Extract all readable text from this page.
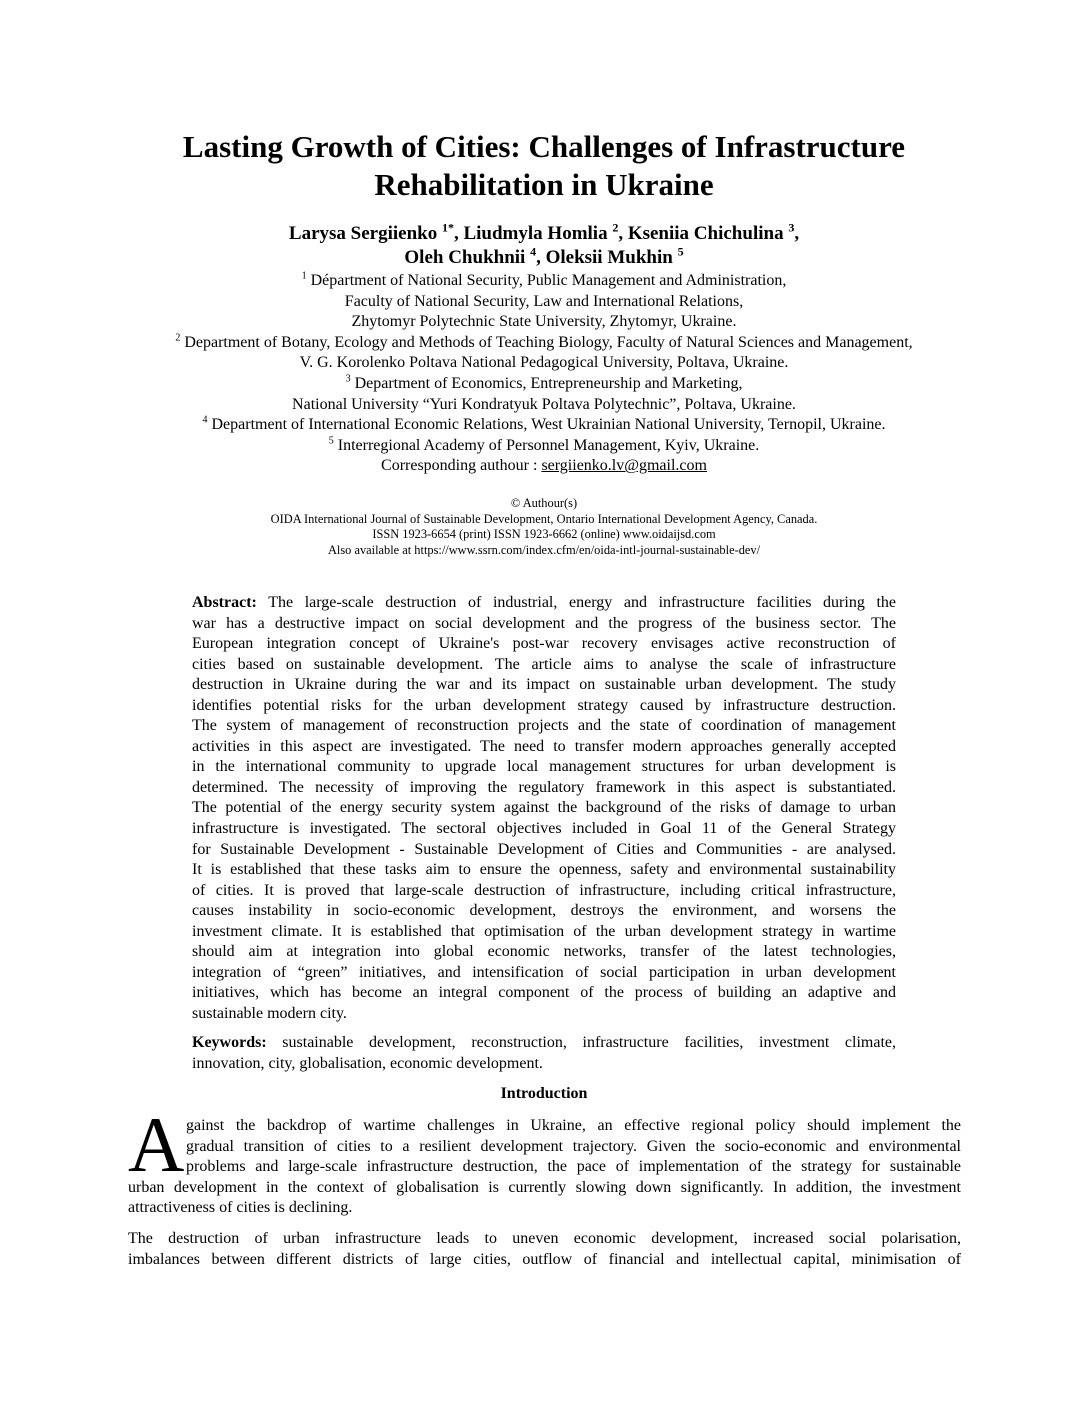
Lasting Growth of Cities: Challenges of Infrastructure
Rehabilitation in Ukraine
Larysa Sergiienko $^{1*}$, Liudmyla Homlia $^2$, Kseniia Chichulina $^3$,
Oleh Chukhnii $^4$, Oleksii Mukhin $^5$
$^1$ Départment of National Security, Public Management and Administration,
Faculty of National Security, Law and International Relations,
Zhytomyr Polytechnic State University, Zhytomyr, Ukraine.
$^2$ Department of Botany, Ecology and Methods of Teaching Biology, Faculty of Natural Sciences and Management,
V. G. Korolenko Poltava National Pedagogical University, Poltava, Ukraine.
$^3$ Department of Economics, Entrepreneurship and Marketing,
National University “Yuri Kondratyuk Poltava Polytechnic”, Poltava, Ukraine.
$^4$ Department of International Economic Relations, West Ukrainian National University, Ternopil, Ukraine.
$^5$ Interregional Academy of Personnel Management, Kyiv, Ukraine.
Corresponding authour : sergiienko.lv@gmail.com
© Authour(s)
OIDA International Journal of Sustainable Development, Ontario International Development Agency, Canada.
ISSN 1923-6654 (print) ISSN 1923-6662 (online) www.oidaijsd.com
Also available at https://www.ssrn.com/index.cfm/en/oida-intl-journal-sustainable-dev/
Abstract: The large-scale destruction of industrial, energy and infrastructure facilities during the
war has a destructive impact on social development and the progress of the business sector. The
European integration concept of Ukraine's post-war recovery envisages active reconstruction of
cities based on sustainable development. The article aims to analyse the scale of infrastructure
destruction in Ukraine during the war and its impact on sustainable urban development. The study
identifies potential risks for the urban development strategy caused by infrastructure destruction.
The system of management of reconstruction projects and the state of coordination of management
activities in this aspect are investigated. The need to transfer modern approaches generally accepted
in the international community to upgrade local management structures for urban development is
determined. The necessity of improving the regulatory framework in this aspect is substantiated.
The potential of the energy security system against the background of the risks of damage to urban
infrastructure is investigated. The sectoral objectives included in Goal 11 of the General Strategy
for Sustainable Development - Sustainable Development of Cities and Communities - are analysed.
It is established that these tasks aim to ensure the openness, safety and environmental sustainability
of cities. It is proved that large-scale destruction of infrastructure, including critical infrastructure,
causes instability in socio-economic development, destroys the environment, and worsens the
investment climate. It is established that optimisation of the urban development strategy in wartime
should aim at integration into global economic networks, transfer of the latest technologies,
integration of “green” initiatives, and intensification of social participation in urban development
initiatives, which has become an integral component of the process of building an adaptive and
sustainable modern city.
Keywords: sustainable development, reconstruction, infrastructure facilities, investment climate,
innovation, city, globalisation, economic development.
Introduction
A gainst the backdrop of wartime challenges in Ukraine, an effective regional policy should implement the
gradual transition of cities to a resilient development trajectory. Given the socio-economic and environmental
problems and large-scale infrastructure destruction, the pace of implementation of the strategy for sustainable
urban development in the context of globalisation is currently slowing down significantly. In addition, the investment
attractiveness of cities is declining.
The destruction of urban infrastructure leads to uneven economic development, increased social polarisation,
imbalances between different districts of large cities, outflow of financial and intellectual capital, minimisation of
